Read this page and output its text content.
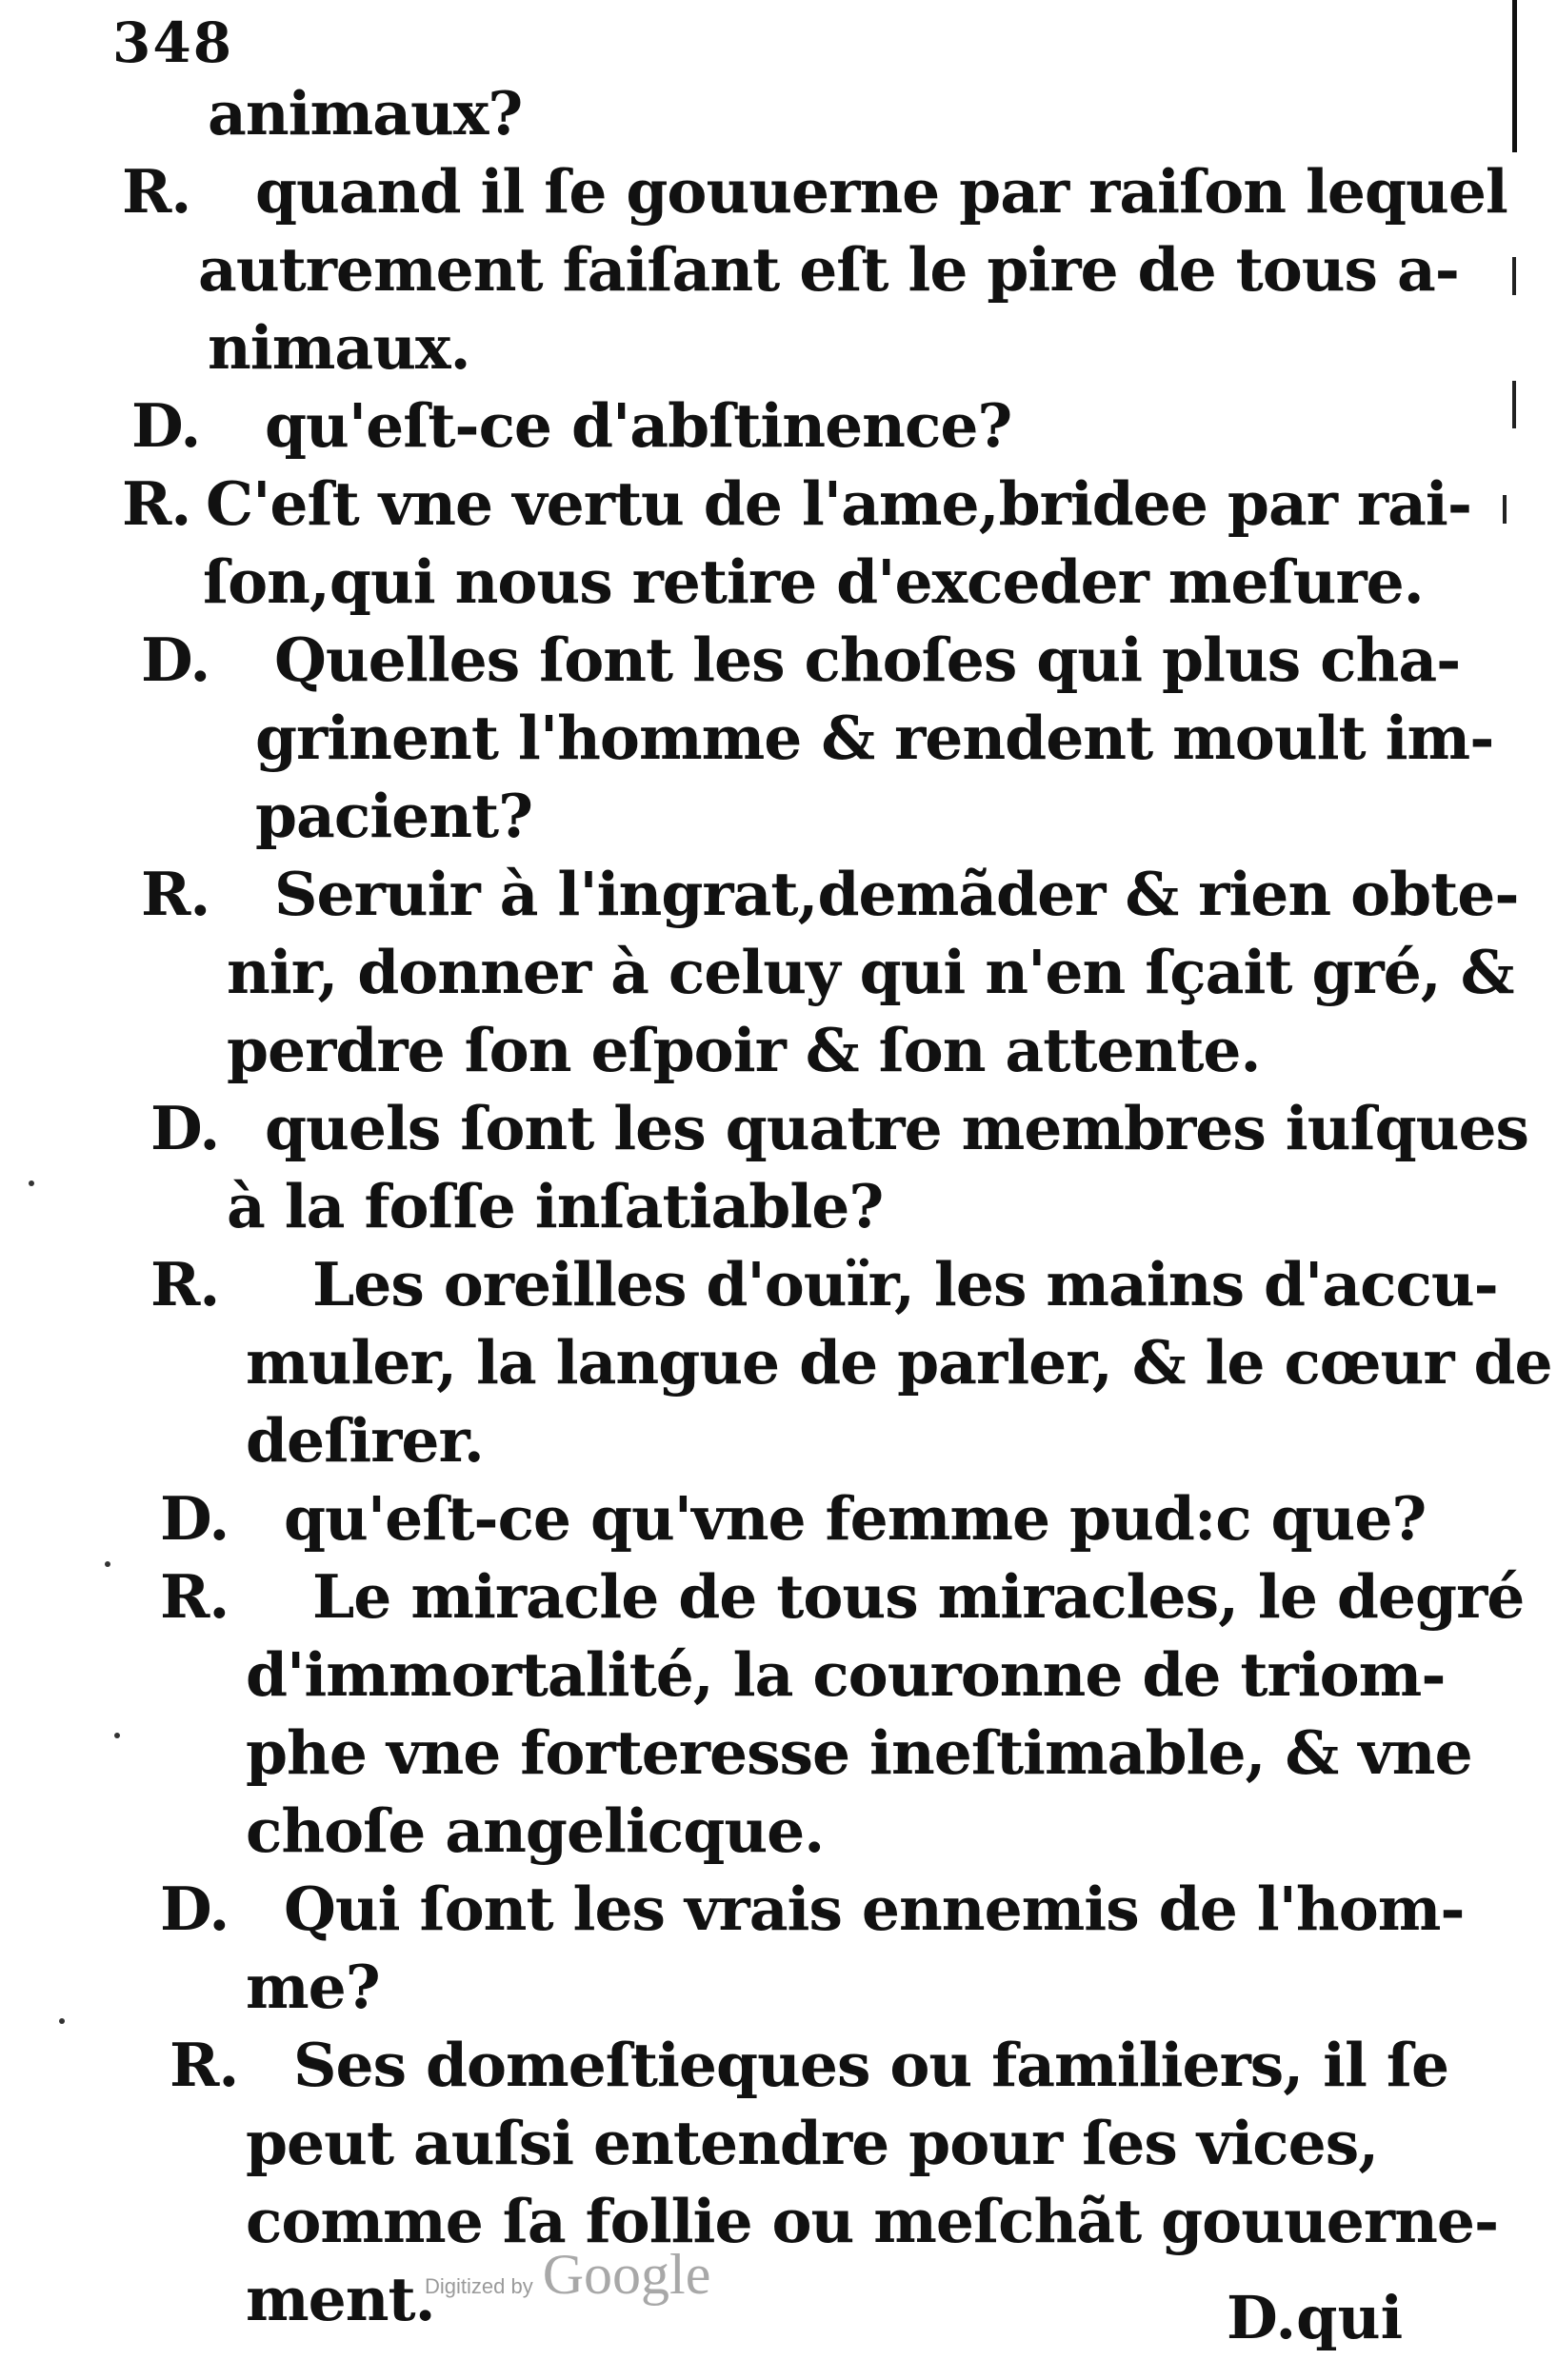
348
animaux?
R. quand il ſe gouuerne par raiſon lequel
autrement faiſant eſt le pire de tous a-
nimaux.
D. qu'eſt-ce d'abſtinence?
R. C'eſt vne vertu de l'ame,bridee par rai-
ſon,qui nous retire d'exceder meſure.
D. Quelles ſont les choſes qui plus cha-
grinent l'homme & rendent moult im-
pacient?
R. Seruir à l'ingrat,demãder & rien obte-
nir, donner à celuy qui n'en ſçait gré, &
perdre ſon eſpoir & ſon attente.
D. quels ſont les quatre membres iuſques
à la foſſe inſatiable?
R. Les oreilles d'ouïr, les mains d'accu-
muler, la langue de parler, & le cœur de
deſirer.
D. qu'eſt-ce qu'vne femme pud:c que?
R. Le miracle de tous miracles, le degré
d'immortalité, la couronne de triom-
phe vne forteresse ineſtimable, & vne
choſe angelicque.
D. Qui ſont les vrais ennemis de l'hom-
me?
R. Ses domeſtieques ou familiers, il ſe
peut auſsi entendre pour ſes vices,
comme ſa follie ou meſchãt gouuerne-
ment.
Digitized by Google
D.qui
